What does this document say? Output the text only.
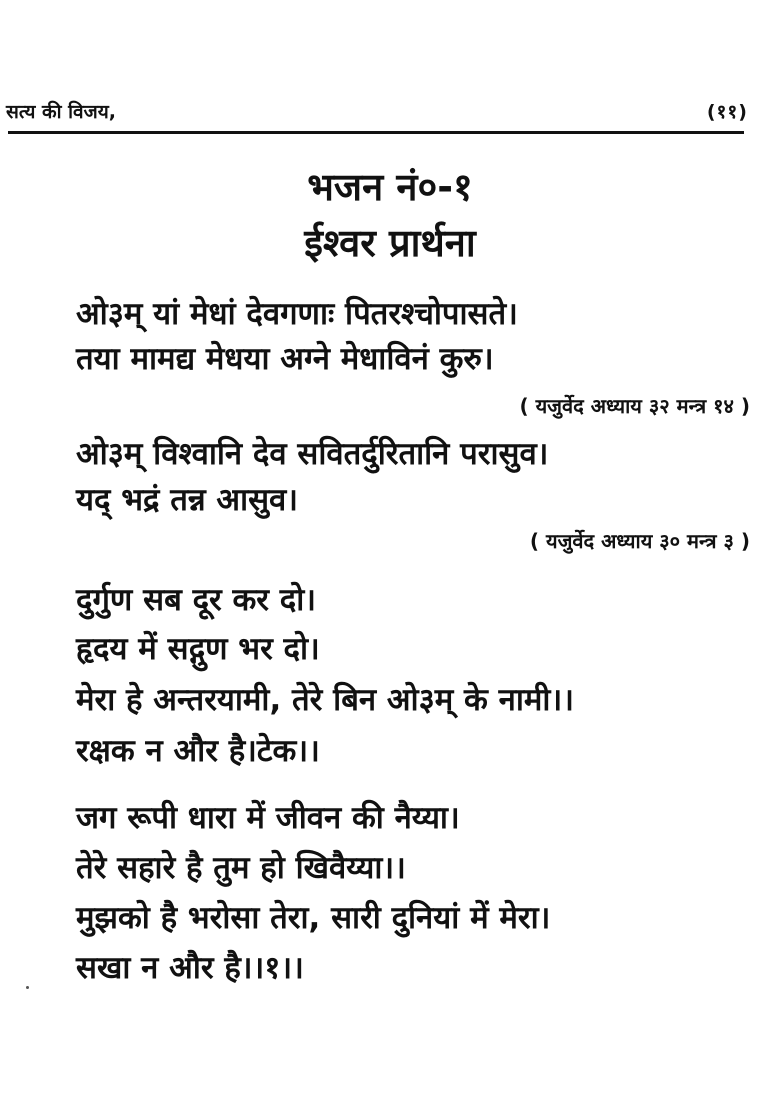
सत्य की विजय,	(११)
भजन नं०-१
ईश्वर प्रार्थना
ओ३म् यां मेधां देवगणाः पितरश्चोपासते।
तया मामद्य मेधया अग्ने मेधाविनं कुरु।
( यजुर्वेद अध्याय ३२ मन्त्र १४ )
ओ३म् विश्वानि देव सवितर्दुरितानि परासुव।
यद् भद्रं तन्न आसुव।
( यजुर्वेद अध्याय ३० मन्त्र ३ )
दुर्गुण सब दूर कर दो।
हृदय में सद्गुण भर दो।
मेरा हे अन्तरयामी, तेरे बिन ओ३म् के नामी।।
रक्षक न और है।टेक।।
जग रूपी धारा में जीवन की नैय्या।
तेरे सहारे है तुम हो खिवैय्या।।
मुझको है भरोसा तेरा, सारी दुनियां में मेरा।
सखा न और है।।१।।
